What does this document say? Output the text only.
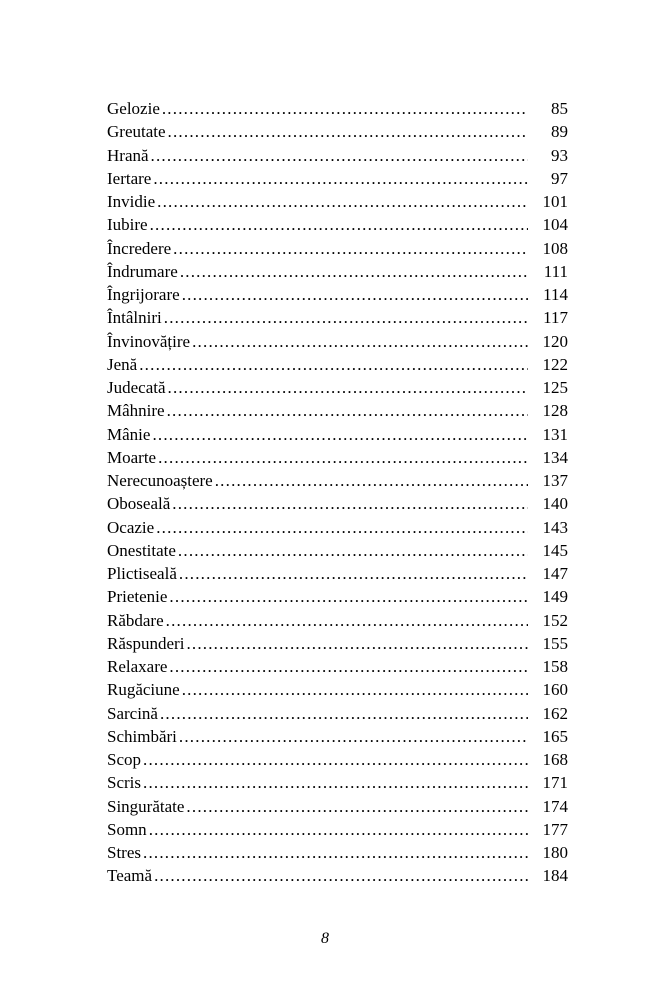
Gelozie .....	85
Greutate .....	89
Hrană .....	93
Iertare .....	97
Invidie .....	101
Iubire .....	104
Încredere .....	108
Îndrumare .....	111
Îngrijorare .....	114
Întâlniri .....	117
Învinovățire .....	120
Jenă .....	122
Judecată .....	125
Mâhnire .....	128
Mânie .....	131
Moarte .....	134
Nerecunoaștere .....	137
Oboseală .....	140
Ocazie .....	143
Onestitate .....	145
Plictiseală .....	147
Prietenie .....	149
Răbdare .....	152
Răspunderi .....	155
Relaxare .....	158
Rugăciune .....	160
Sarcină .....	162
Schimbări .....	165
Scop .....	168
Scris .....	171
Singurătate .....	174
Somn .....	177
Stres .....	180
Teamă .....	184
8
